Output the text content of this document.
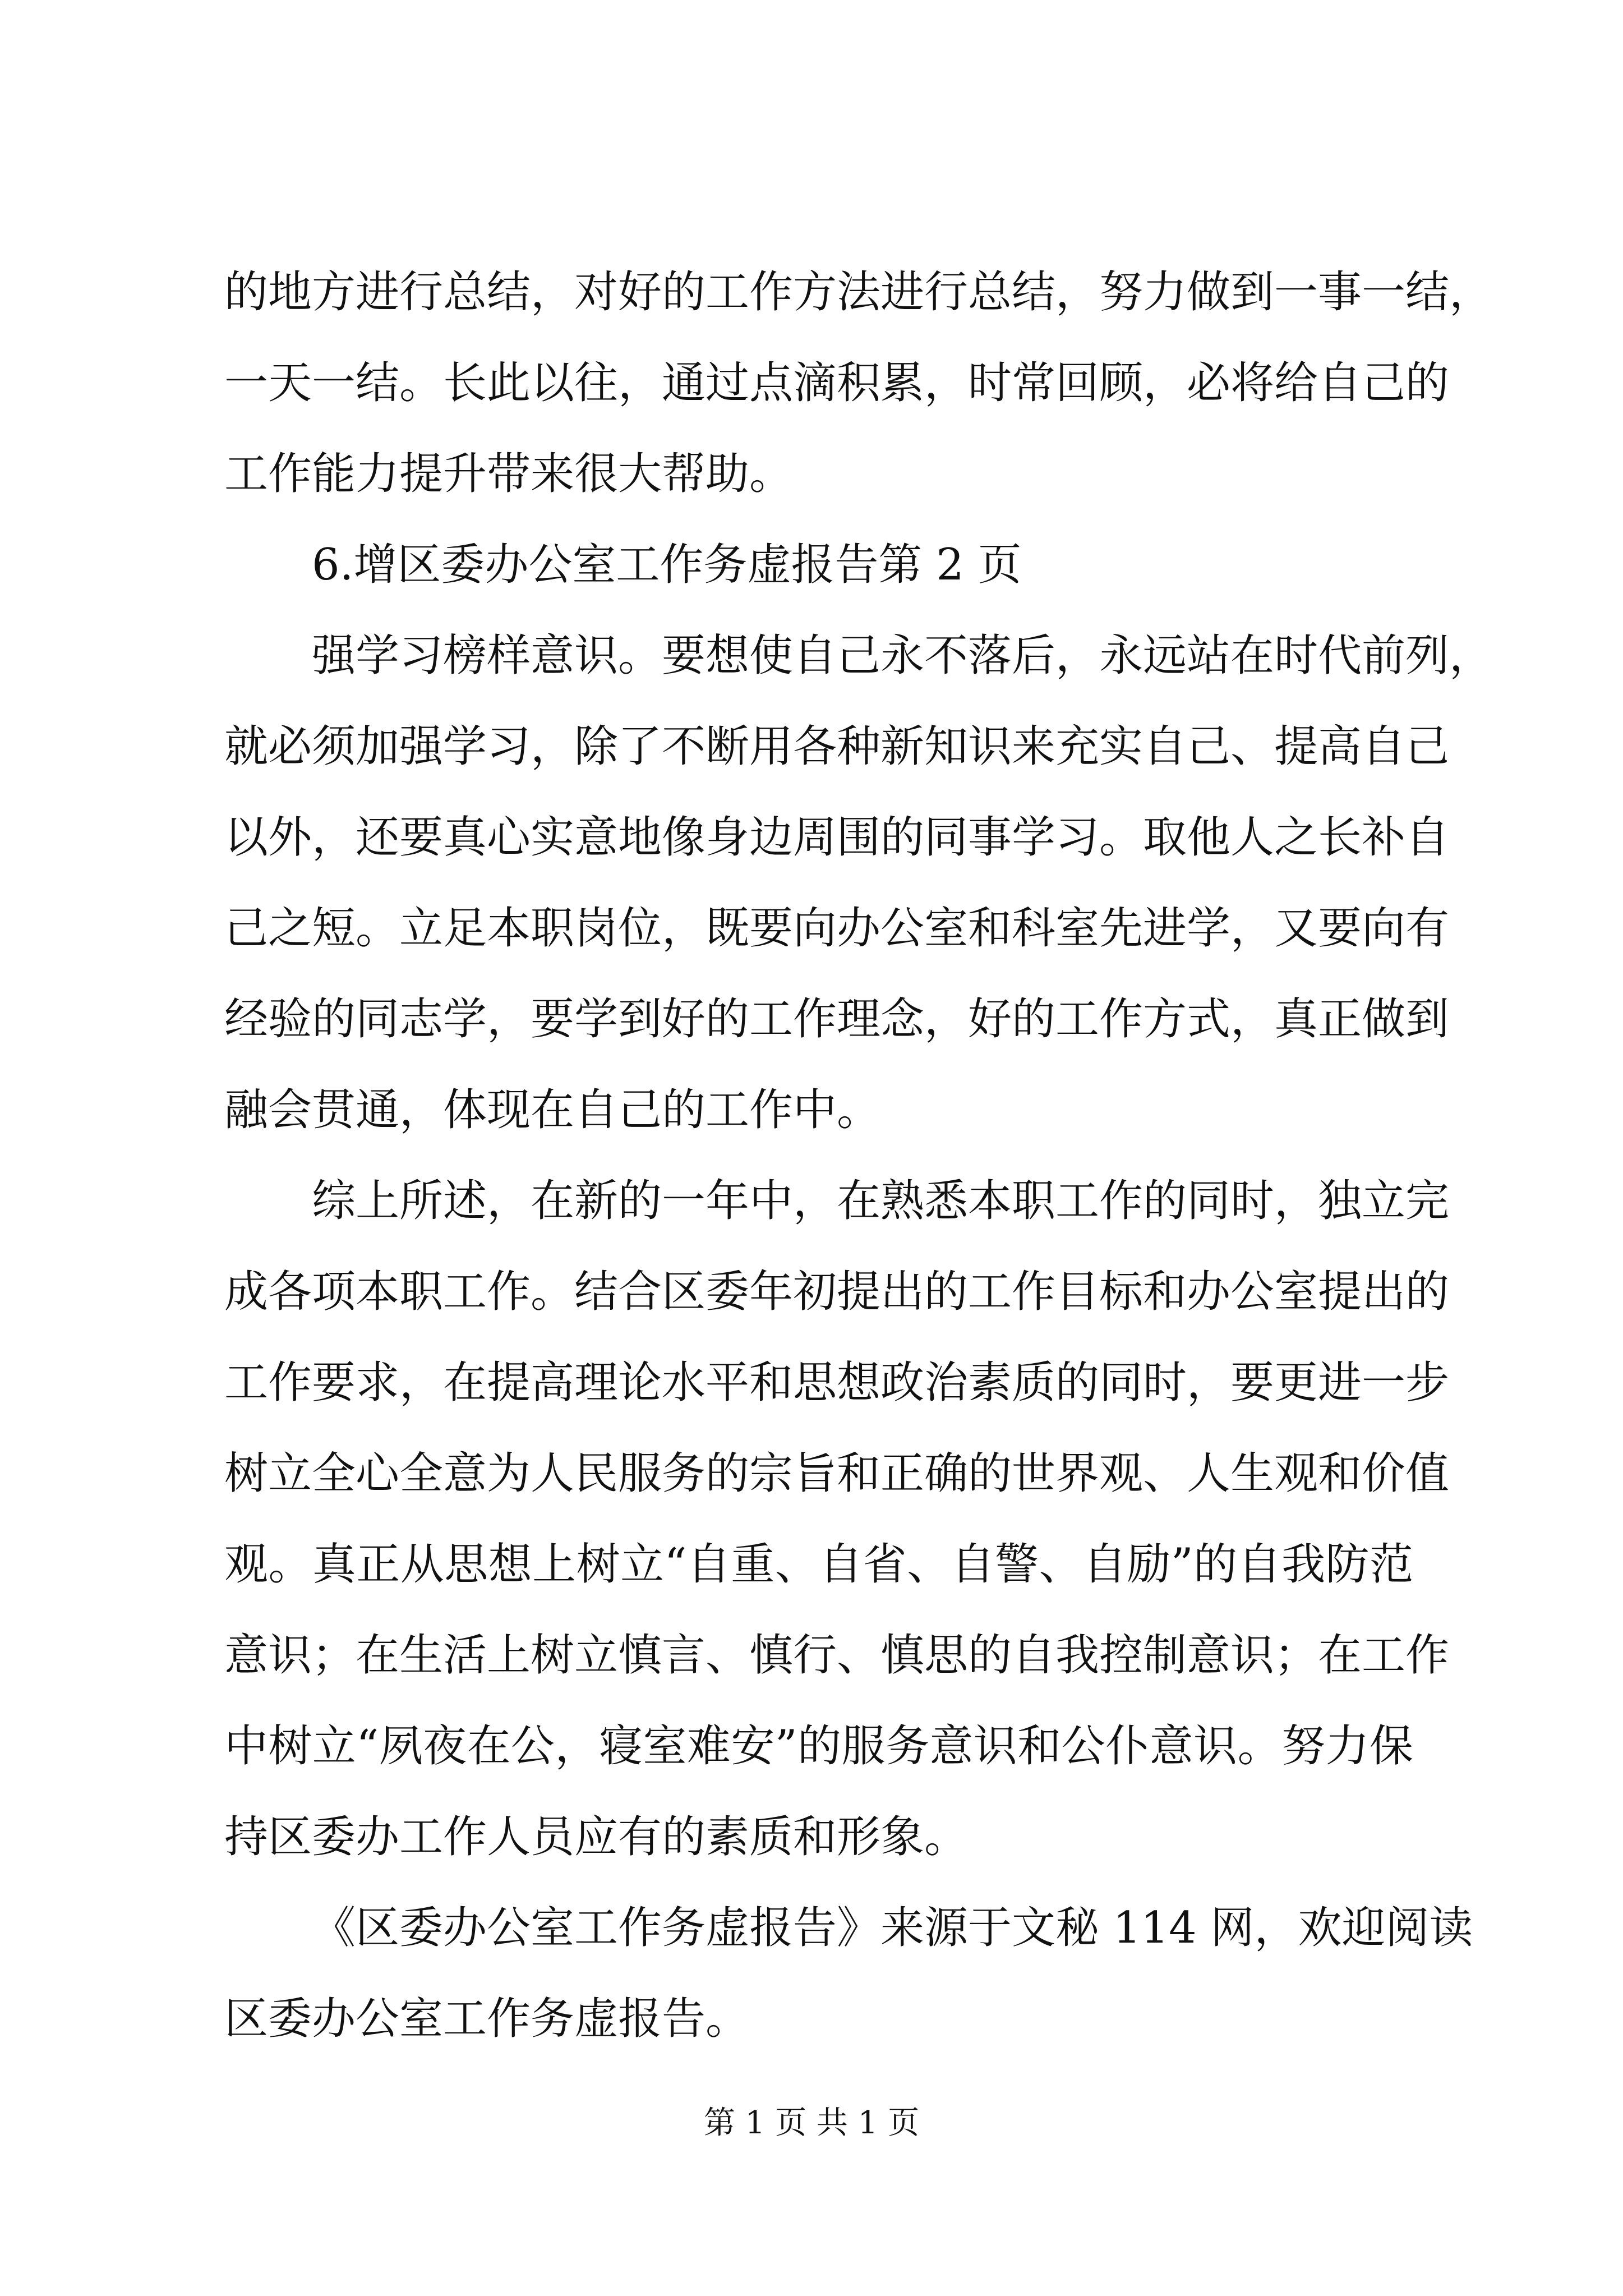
的地方进行总结，对好的工作方法进行总结，努力做到一事一结，
一天一结。长此以往，通过点滴积累，时常回顾，必将给自己的
工作能力提升带来很大帮助。
6.增区委办公室工作务虚报告第 2 页
强学习榜样意识。要想使自己永不落后，永远站在时代前列，
就必须加强学习，除了不断用各种新知识来充实自己、提高自己
以外，还要真心实意地像身边周围的同事学习。取他人之长补自
己之短。立足本职岗位，既要向办公室和科室先进学，又要向有
经验的同志学，要学到好的工作理念，好的工作方式，真正做到
融会贯通，体现在自己的工作中。
综上所述，在新的一年中，在熟悉本职工作的同时，独立完
成各项本职工作。结合区委年初提出的工作目标和办公室提出的
工作要求，在提高理论水平和思想政治素质的同时，要更进一步
树立全心全意为人民服务的宗旨和正确的世界观、人生观和价值
观。真正从思想上树立“自重、自省、自警、自励”的自我防范
意识；在生活上树立慎言、慎行、慎思的自我控制意识；在工作
中树立“夙夜在公，寝室难安”的服务意识和公仆意识。努力保
持区委办工作人员应有的素质和形象。
《区委办公室工作务虚报告》来源于文秘 114 网，欢迎阅读
区委办公室工作务虚报告。
第 1 页 共 1 页
